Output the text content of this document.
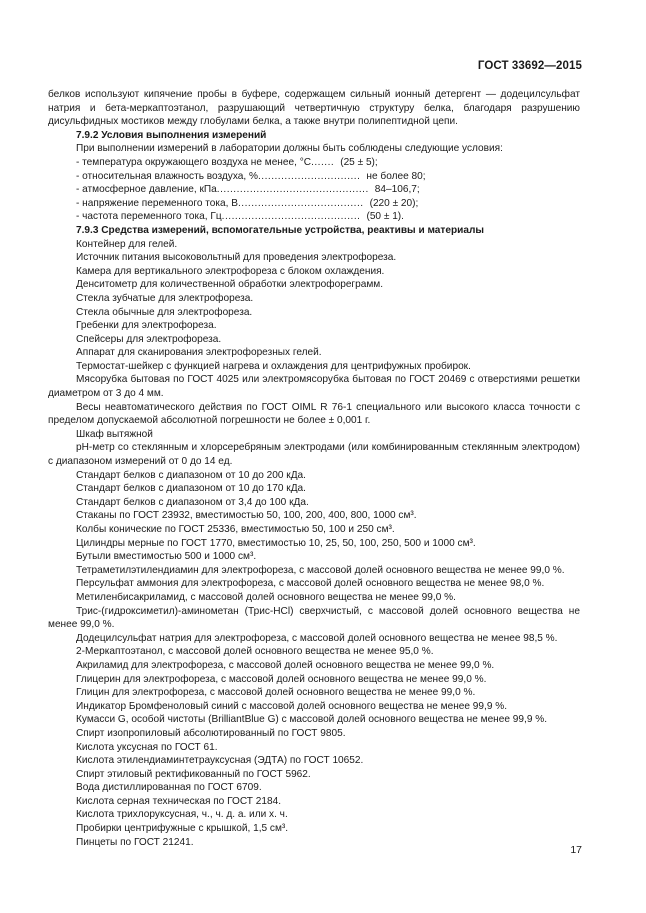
ГОСТ 33692—2015

белков используют кипячение пробы в буфере, содержащем сильный ионный детергент — додецилсульфат натрия и бета-меркаптоэтанол, разрушающий четвертичную структуру белка, благодаря разрушению дисульфидных мостиков между глобулами белка, а также внутри полипептидной цепи.

7.9.2 Условия выполнения измерений

При выполнении измерений в лаборатории должны быть соблюдены следующие условия:

- температура окружающего воздуха не менее, °С ....... (25 ± 5);
- относительная влажность воздуха, % ............................... не более 80;
- атмосферное давление, кПа .............................................. 84–106,7;
- напряжение переменного тока, В ...................................... (220 ± 20);
- частота переменного тока, Гц .......................................... (50 ± 1).

7.9.3 Средства измерений, вспомогательные устройства, реактивы и материалы

Контейнер для гелей.

Источник питания высоковольтный для проведения электрофореза.

Камера для вертикального электрофореза с блоком охлаждения.

Денситометр для количественной обработки электрофореграмм.

Стекла зубчатые для электрофореза.

Стекла обычные для электрофореза.

Гребенки для электрофореза.

Спейсеры для электрофореза.

Аппарат для сканирования электрофорезных гелей.

Термостат-шейкер с функцией нагрева и охлаждения для центрифужных пробирок.

Мясорубка бытовая по ГОСТ 4025 или электромясорубка бытовая по ГОСТ 20469 с отверстиями решетки диаметром от 3 до 4 мм.

Весы неавтоматического действия по ГОСТ OIML R 76-1 специального или высокого класса точности с пределом допускаемой абсолютной погрешности не более ± 0,001 г.

Шкаф вытяжной

pH-метр со стеклянным и хлорсеребряным электродами (или комбинированным стеклянным электродом) с диапазоном измерений от 0 до 14 ед.

Стандарт белков с диапазоном от 10 до 200 кДа.

Стандарт белков с диапазоном от 10 до 170 кДа.

Стандарт белков с диапазоном от 3,4 до 100 кДа.

Стаканы по ГОСТ 23932, вместимостью 50, 100, 200, 400, 800, 1000 см³.

Колбы конические по ГОСТ 25336, вместимостью 50, 100 и 250 см³.

Цилиндры мерные по ГОСТ 1770, вместимостью 10, 25, 50, 100, 250, 500 и 1000 см³.

Бутыли вместимостью 500 и 1000 см³.

Тетраметилэтилендиамин для электрофореза, с массовой долей основного вещества не менее 99,0 %.

Персульфат аммония для электрофореза, с массовой долей основного вещества не менее 98,0 %.

Метиленбисакриламид, с массовой долей основного вещества не менее 99,0 %.

Трис-(гидроксиметил)-аминометан (Трис-HCl) сверхчистый, с массовой долей основного вещества не менее 99,0 %.

Додецилсульфат натрия для электрофореза, с массовой долей основного вещества не менее 98,5 %.

2-Меркаптоэтанол, с массовой долей основного вещества не менее 95,0 %.

Акриламид для электрофореза, с массовой долей основного вещества не менее 99,0 %.

Глицерин для электрофореза, с массовой долей основного вещества не менее 99,0 %.

Глицин для электрофореза, с массовой долей основного вещества не менее 99,0 %.

Индикатор Бромфеноловый синий с массовой долей основного вещества не менее 99,9 %.

Кумасси G, особой чистоты (BrilliantBlue G) с массовой долей основного вещества не менее 99,9 %.

Спирт изопропиловый абсолютированный по ГОСТ 9805.

Кислота уксусная по ГОСТ 61.

Кислота этилендиаминтетрауксусная (ЭДТА) по ГОСТ 10652.

Спирт этиловый ректификованный по ГОСТ 5962.

Вода дистиллированная по ГОСТ 6709.

Кислота серная техническая по ГОСТ 2184.

Кислота трихлоруксусная, ч., ч. д. а. или х. ч.

Пробирки центрифужные с крышкой, 1,5 см³.

Пинцеты по ГОСТ 21241.

17
